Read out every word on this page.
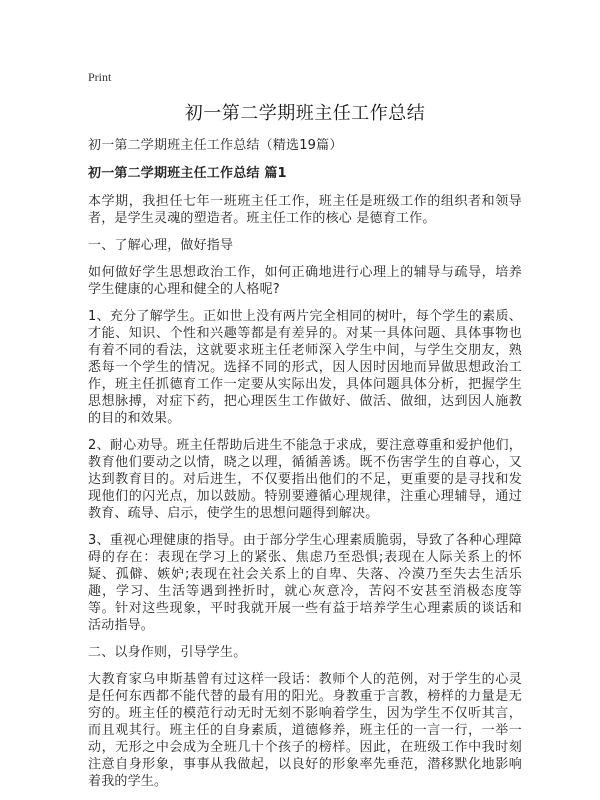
Print
初一第二学期班主任工作总结

初一第二学期班主任工作总结（精选19篇）

初一第二学期班主任工作总结 篇1

本学期，我担任七年一班班主任工作，班主任是班级工作的组织者和领导者，是学生灵魂的塑造者。班主任工作的核心 是德育工作。

一、了解心理，做好指导

如何做好学生思想政治工作，如何正确地进行心理上的辅导与疏导，培养学生健康的心理和健全的人格呢?

1、充分了解学生。正如世上没有两片完全相同的树叶，每个学生的素质、才能、知识、个性和兴趣等都是有差异的。对某一具体问题、具体事物也有着不同的看法，这就要求班主任老师深入学生中间，与学生交朋友，熟悉每一个学生的情况。选择不同的形式，因人因时因地而异做思想政治工作，班主任抓德育工作一定要从实际出发，具体问题具体分析，把握学生思想脉搏，对症下药，把心理医生工作做好、做活、做细，达到因人施教的目的和效果。

2、耐心劝导。班主任帮助后进生不能急于求成，要注意尊重和爱护他们，教育他们要动之以情，晓之以理，循循善诱。既不伤害学生的自尊心，又达到教育目的。对后进生，不仅要指出他们的不足，更重要的是寻找和发现他们的闪光点，加以鼓励。特别要遵循心理规律，注重心理辅导，通过教育、疏导、启示，使学生的思想问题得到解决。

3、重视心理健康的指导。由于部分学生心理素质脆弱，导致了各种心理障碍的存在：表现在学习上的紧张、焦虑乃至恐惧;表现在人际关系上的怀疑、孤僻、嫉妒;表现在社会关系上的自卑、失落、冷漠乃至失去生活乐趣，学习、生活等遇到挫折时，就心灰意冷，苦闷不安甚至消极态度等等。针对这些现象，平时我就开展一些有益于培养学生心理素质的谈话和活动指导。

二、以身作则，引导学生。

大教育家乌申斯基曾有过这样一段话：教师个人的范例，对于学生的心灵是任何东西都不能代替的最有用的阳光。身教重于言教，榜样的力量是无穷的。班主任的模范行动无时无刻不影响着学生，因为学生不仅听其言，而且观其行。班主任的自身素质，道德修养，班主任的一言一行，一举一动，无形之中会成为全班几十个孩子的榜样。因此，在班级工作中我时刻注意自身形象，事事从我做起，以良好的形象率先垂范，潜移默化地影响着我的学生。
